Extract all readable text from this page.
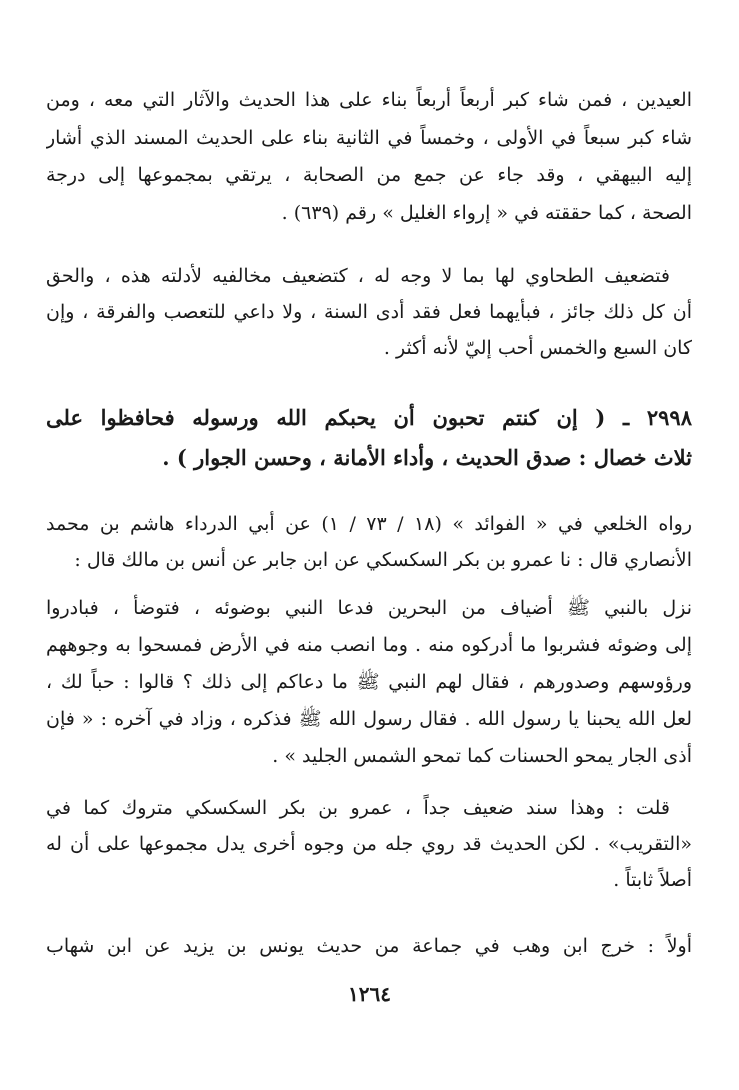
العيدين ، فمن شاء كبر أربعاً أربعاً بناء على هذا الحديث والآثار التي معه ، ومن
شاء كبر سبعاً في الأولى ، وخمساً في الثانية بناء على الحديث المسند الذي أشار
إليه البيهقي ، وقد جاء عن جمع من الصحابة ، يرتقي بمجموعها إلى درجة
الصحة ، كما حققته في « إرواء الغليل » رقم (٦٣٩) .
فتضعيف الطحاوي لها بما لا وجه له ، كتضعيف مخالفيه لأدلته هذه ، والحق
أن كل ذلك جائز ، فبأيهما فعل فقد أدى السنة ، ولا داعي للتعصب والفرقة ، وإن
كان السبع والخمس أحب إليّ لأنه أكثر .
٢٩٩٨ ـ ( إن كنتم تحبون أن يحبكم الله ورسوله فحافظوا على
ثلاث خصال : صدق الحديث ، وأداء الأمانة ، وحسن الجوار ) .
رواه الخلعي في « الفوائد » (١٨ / ٧٣ / ١) عن أبي الدرداء هاشم بن محمد
الأنصاري قال : نا عمرو بن بكر السكسكي عن ابن جابر عن أنس بن مالك قال :
نزل بالنبي ﷺ أضياف من البحرين فدعا النبي بوضوئه ، فتوضأ ، فبادروا
إلى وضوئه فشربوا ما أدركوه منه . وما انصب منه في الأرض فمسحوا به وجوههم
ورؤوسهم وصدورهم ، فقال لهم النبي ﷺ ما دعاكم إلى ذلك ؟ قالوا : حباً لك ،
لعل الله يحبنا يا رسول الله . فقال رسول الله ﷺ فذكره ، وزاد في آخره : « فإن
أذى الجار يمحو الحسنات كما تمحو الشمس الجليد » .
قلت : وهذا سند ضعيف جداً ، عمرو بن بكر السكسكي متروك كما في
«التقريب» . لكن الحديث قد روي جله من وجوه أخرى يدل مجموعها على أن له
أصلاً ثابتاً .
أولاً : خرج ابن وهب في جماعة من حديث يونس بن يزيد عن ابن شهاب
١٢٦٤
